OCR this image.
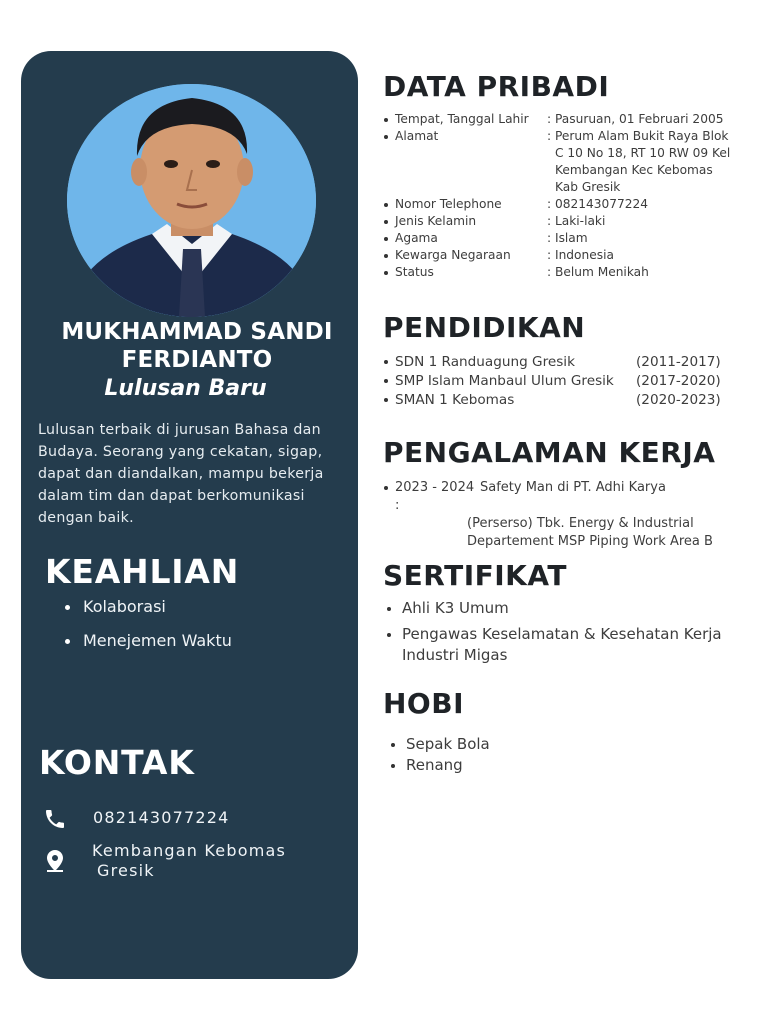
MUKHAMMAD SANDI
FERDIANTO
Lulusan Baru
Lulusan terbaik di jurusan Bahasa dan Budaya. Seorang yang cekatan, sigap, dapat dan diandalkan, mampu bekerja dalam tim dan dapat berkomunikasi dengan baik.
KEAHLIAN
Kolaborasi
Menejemen Waktu
KONTAK
082143077224
Kembangan Kebomas
Gresik
DATA PRIBADI
Tempat, Tanggal Lahir	: Pasuruan, 01 Februari 2005
Alamat	: Perum Alam Bukit Raya Blok
C 10 No 18, RT 10 RW 09 Kel
Kembangan Kec Kebomas
Kab Gresik
Nomor Telephone	: 082143077224
Jenis Kelamin	: Laki-laki
Agama	: Islam
Kewarga Negaraan	: Indonesia
Status	: Belum Menikah
PENDIDIKAN
SDN 1 Randuagung Gresik	(2011-2017)
SMP Islam Manbaul Ulum Gresik	(2017-2020)
SMAN 1 Kebomas	(2020-2023)
PENGALAMAN KERJA
2023 - 2024 :
Safety Man di PT. Adhi Karya
(Perserso) Tbk. Energy & Industrial
Departement MSP Piping Work Area B
SERTIFIKAT
Ahli K3 Umum
Pengawas Keselamatan & Kesehatan Kerja Industri Migas
HOBI
Sepak Bola
Renang
